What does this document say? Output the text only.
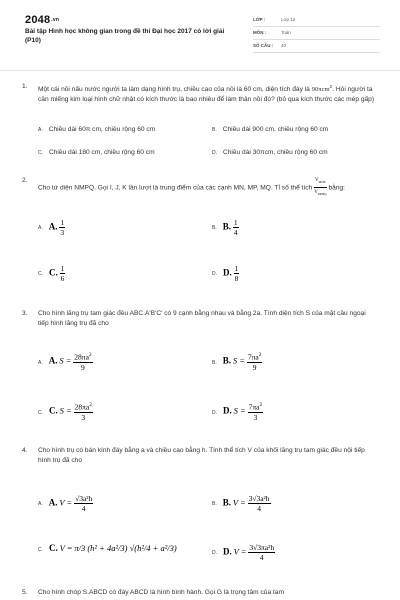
2048.vn
Bài tập Hình học không gian trong đề thi Đại học 2017 có lời giải (P10)
LỚP :	Lớp 12
MÔN :	Toán
SỐ CÂU : 40
1. Một cái nồi nấu nước người ta làm dạng hình trụ, chiều cao của nồi là 60 cm, diện tích đáy là 90πcm$^2$. Hỏi người ta cần miếng kim loại hình chữ nhật có kích thước là bao nhiêu để làm thân nồi đó? (bỏ qua kích thước các mép gấp)
A. Chiều dài 60π cm, chiều rộng 60 cm	B. Chiều dài 900 cm, chiều rộng 60 cm
C. Chiều dài 180 cm, chiều rộng 60 cm	D. Chiều dài 30πcm, chiều rộng 60 cm
2.
Cho tứ diện NMPQ. Gọi I, J, K lần lượt là trung điểm của các cạnh MN, MP, MQ. Tỉ số thể tích $\frac{V_{MIJK}}{V_{MNPQ}}$ bằng:
A. A. $\frac{1}{3}$	B. B. $\frac{1}{4}$
C. C. $\frac{1}{6}$	D. D. $\frac{1}{8}$
3. Cho hình lăng trụ tam giác đều ABC.A'B'C' có 9 cạnh bằng nhau và bằng 2a. Tính diện tích S của mặt cầu ngoại tiếp hình lăng trụ đã cho
A. A. $S = \frac{28\pi a^2}{9}$	B. B. $S = \frac{7\pi a^2}{9}$
C. C. $S = \frac{28\pi a^2}{3}$	D. D. $S = \frac{7\pi a^2}{3}$
4. Cho hình trụ có bán kính đáy bằng a và chiều cao bằng h. Tính thể tích V của khối lăng trụ tam giác đều nội tiếp hình trụ đã cho
A. A. $V = \frac{\text{√3a²h}}{4}$	B. B. $V = \frac{\text{3√3a²h}}{4}$
C. C. V = π/3 (h² + 4a²/3) √(h²/4 + a²/3)
D. D. $V = \frac{\text{3√3πa²h}}{4}$
5. Cho hình chóp S.ABCD có đáy ABCD là hình bình hành. Gọi G là trọng tâm của tam
